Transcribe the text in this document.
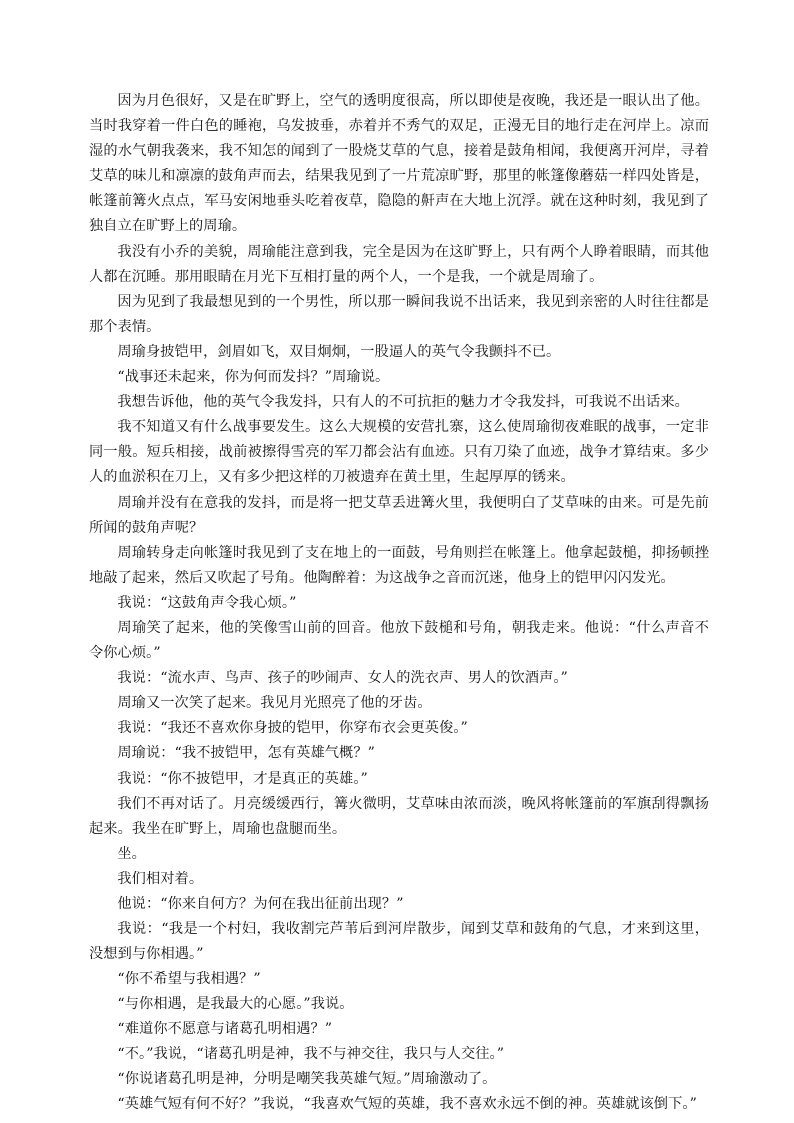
因为月色很好，又是在旷野上，空气的透明度很高，所以即使是夜晚，我还是一眼认出了他。当时我穿着一件白色的睡袍，乌发披垂，赤着并不秀气的双足，正漫无目的地行走在河岸上。凉而湿的水气朝我袭来，我不知怎的闻到了一股烧艾草的气息，接着是鼓角相闻，我便离开河岸，寻着艾草的味儿和凛凛的鼓角声而去，结果我见到了一片荒凉旷野，那里的帐篷像蘑菇一样四处皆是，帐篷前篝火点点，军马安闲地垂头吃着夜草，隐隐的鼾声在大地上沉浮。就在这种时刻，我见到了独自立在旷野上的周瑜。

我没有小乔的美貌，周瑜能注意到我，完全是因为在这旷野上，只有两个人睁着眼睛，而其他人都在沉睡。那用眼睛在月光下互相打量的两个人，一个是我，一个就是周瑜了。

因为见到了我最想见到的一个男性，所以那一瞬间我说不出话来，我见到亲密的人时往往都是那个表情。

周瑜身披铠甲，剑眉如飞，双目炯炯，一股逼人的英气令我颤抖不已。

“战事还未起来，你为何而发抖？”周瑜说。

我想告诉他，他的英气令我发抖，只有人的不可抗拒的魅力才令我发抖，可我说不出话来。

我不知道又有什么战事要发生。这么大规模的安营扎寨，这么使周瑜彻夜难眠的战事，一定非同一般。短兵相接，战前被擦得雪亮的军刀都会沾有血迹。只有刀染了血迹，战争才算结束。多少人的血淤积在刀上，又有多少把这样的刀被遗弃在黄土里，生起厚厚的锈来。

周瑜并没有在意我的发抖，而是将一把艾草丢进篝火里，我便明白了艾草味的由来。可是先前所闻的鼓角声呢？

周瑜转身走向帐篷时我见到了支在地上的一面鼓，号角则拦在帐篷上。他拿起鼓槌，抑扬顿挫地敲了起来，然后又吹起了号角。他陶醉着：为这战争之音而沉迷，他身上的铠甲闪闪发光。

我说：“这鼓角声令我心烦。”

周瑜笑了起来，他的笑像雪山前的回音。他放下鼓槌和号角，朝我走来。他说：“什么声音不令你心烦。”

我说：“流水声、鸟声、孩子的吵闹声、女人的洗衣声、男人的饮酒声。”

周瑜又一次笑了起来。我见月光照亮了他的牙齿。

我说：“我还不喜欢你身披的铠甲，你穿布衣会更英俊。”

周瑜说：“我不披铠甲，怎有英雄气概？”

我说：“你不披铠甲，才是真正的英雄。”

我们不再对话了。月亮缓缓西行，篝火微明，艾草味由浓而淡，晚风将帐篷前的军旗刮得飘扬起来。我坐在旷野上，周瑜也盘腿而坐。

坐。

我们相对着。

他说：“你来自何方？为何在我出征前出现？”

我说：“我是一个村妇，我收割完芦苇后到河岸散步，闻到艾草和鼓角的气息，才来到这里，没想到与你相遇。”

“你不希望与我相遇？”

“与你相遇，是我最大的心愿。”我说。

“难道你不愿意与诸葛孔明相遇？”

“不。”我说，“诸葛孔明是神，我不与神交往，我只与人交往。”

“你说诸葛孔明是神，分明是嘲笑我英雄气短。”周瑜激动了。

“英雄气短有何不好？”我说，“我喜欢气短的英雄，我不喜欢永远不倒的神。英雄就该倒下。”
